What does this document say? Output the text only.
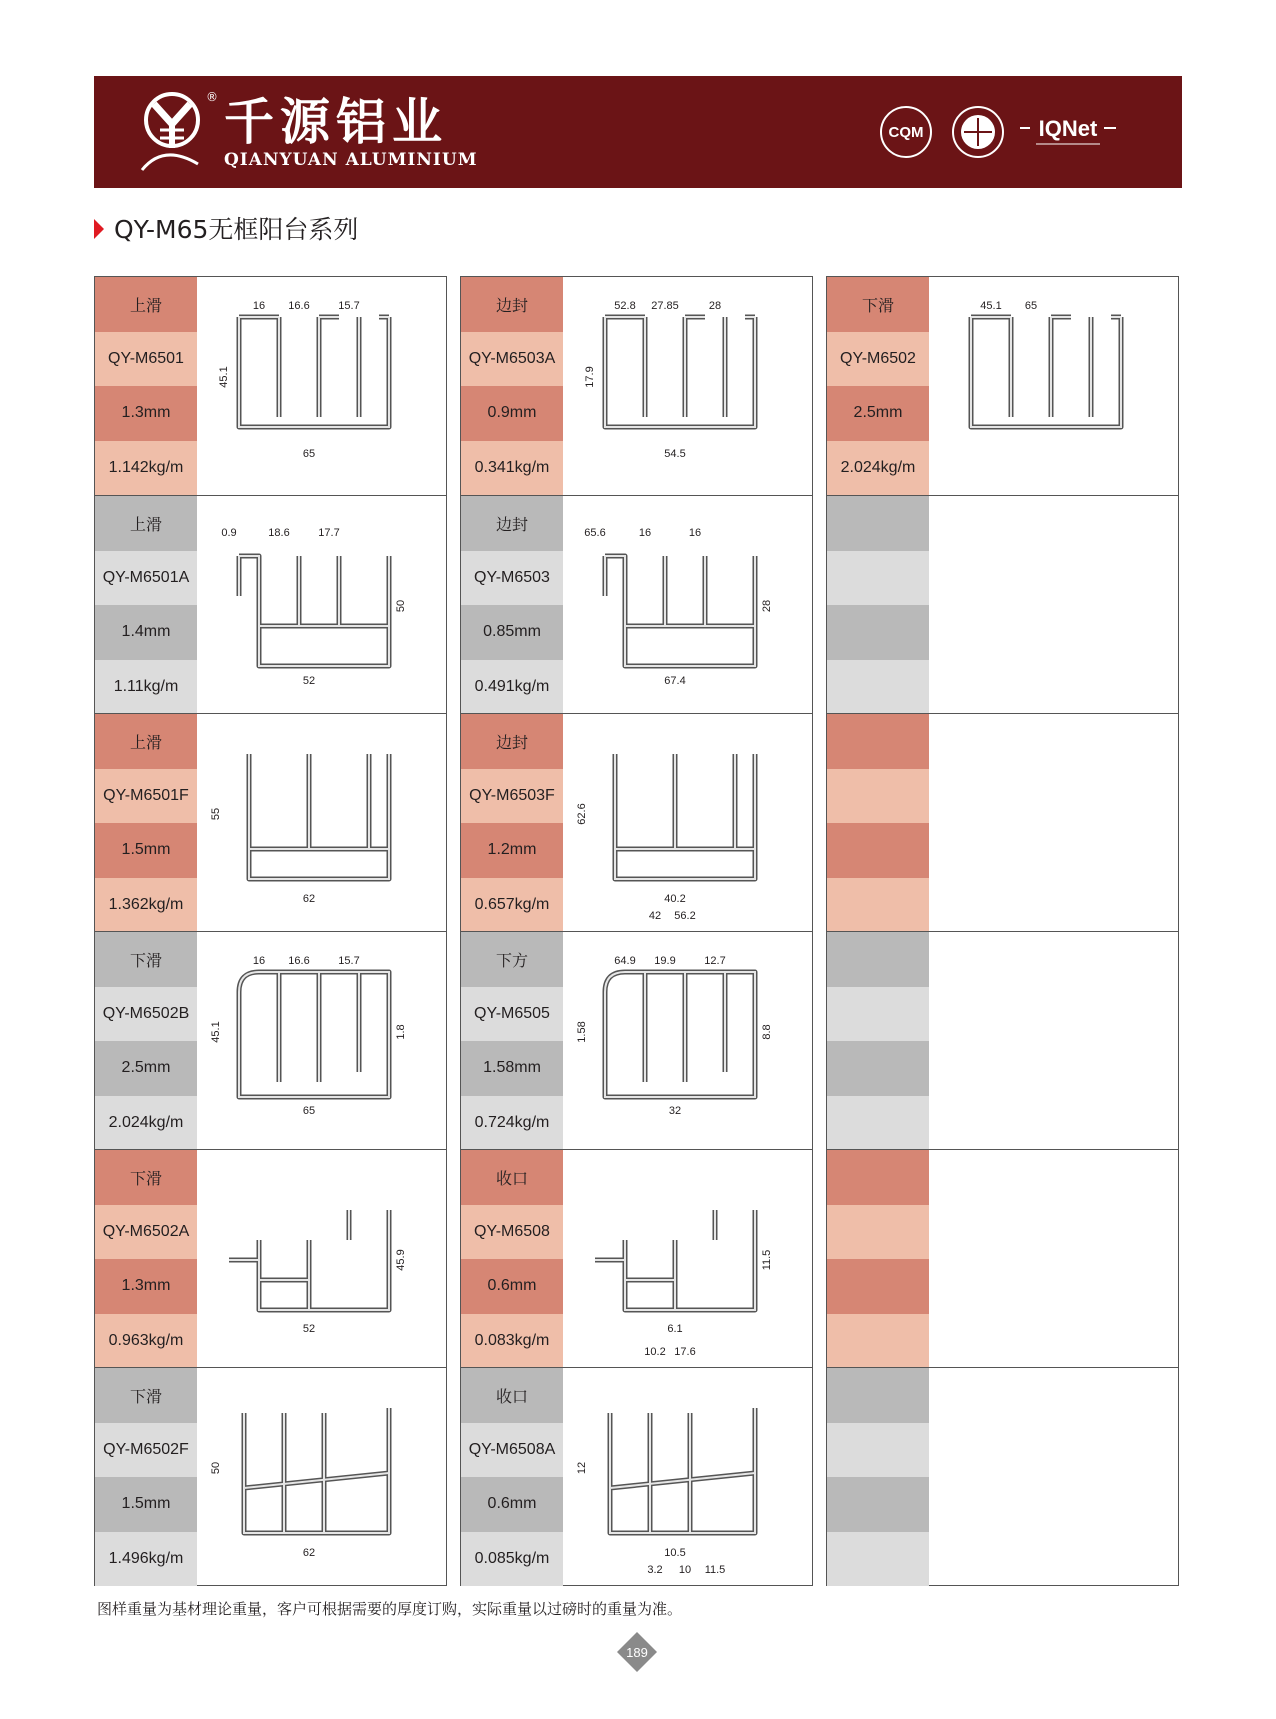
® 千源铝业
QIANYUAN ALUMINIUM
CQM	IQNet
QY-M65无框阳台系列
上滑
QY-M6501
1.3mm
1.142kg/m
16 16.6	15.7
45.1
65
上滑
QY-M6501A
1.4mm
1.11kg/m
0.9	18.6	17.7
50
52
上滑
QY-M6501F
1.5mm
1.362kg/m
55
62
下滑
QY-M6502B
2.5mm
2.024kg/m
16 16.6	15.7
45.1	1.8
65
下滑
QY-M6502A
1.3mm
0.963kg/m
45.9
52
下滑
QY-M6502F
1.5mm
1.496kg/m
50
62
边封
QY-M6503A
0.9mm
0.341kg/m
52.8 27.85	28
17.9
54.5
边封
QY-M6503
0.85mm
0.491kg/m
65.6	16	16
28
67.4
边封
QY-M6503F
1.2mm
0.657kg/m
62.6
40.2
42 56.2
下方
QY-M6505
1.58mm
0.724kg/m
64.9 19.9	12.7
1.58	8.8
32
收口
QY-M6508
0.6mm
0.083kg/m
11.5
6.1
10.2 17.6
收口
QY-M6508A
0.6mm
0.085kg/m
12
10.5
3.2 10 11.5
下滑
QY-M6502
2.5mm
2.024kg/m
45.1 65
图样重量为基材理论重量，客户可根据需要的厚度订购，实际重量以过磅时的重量为准。
189
